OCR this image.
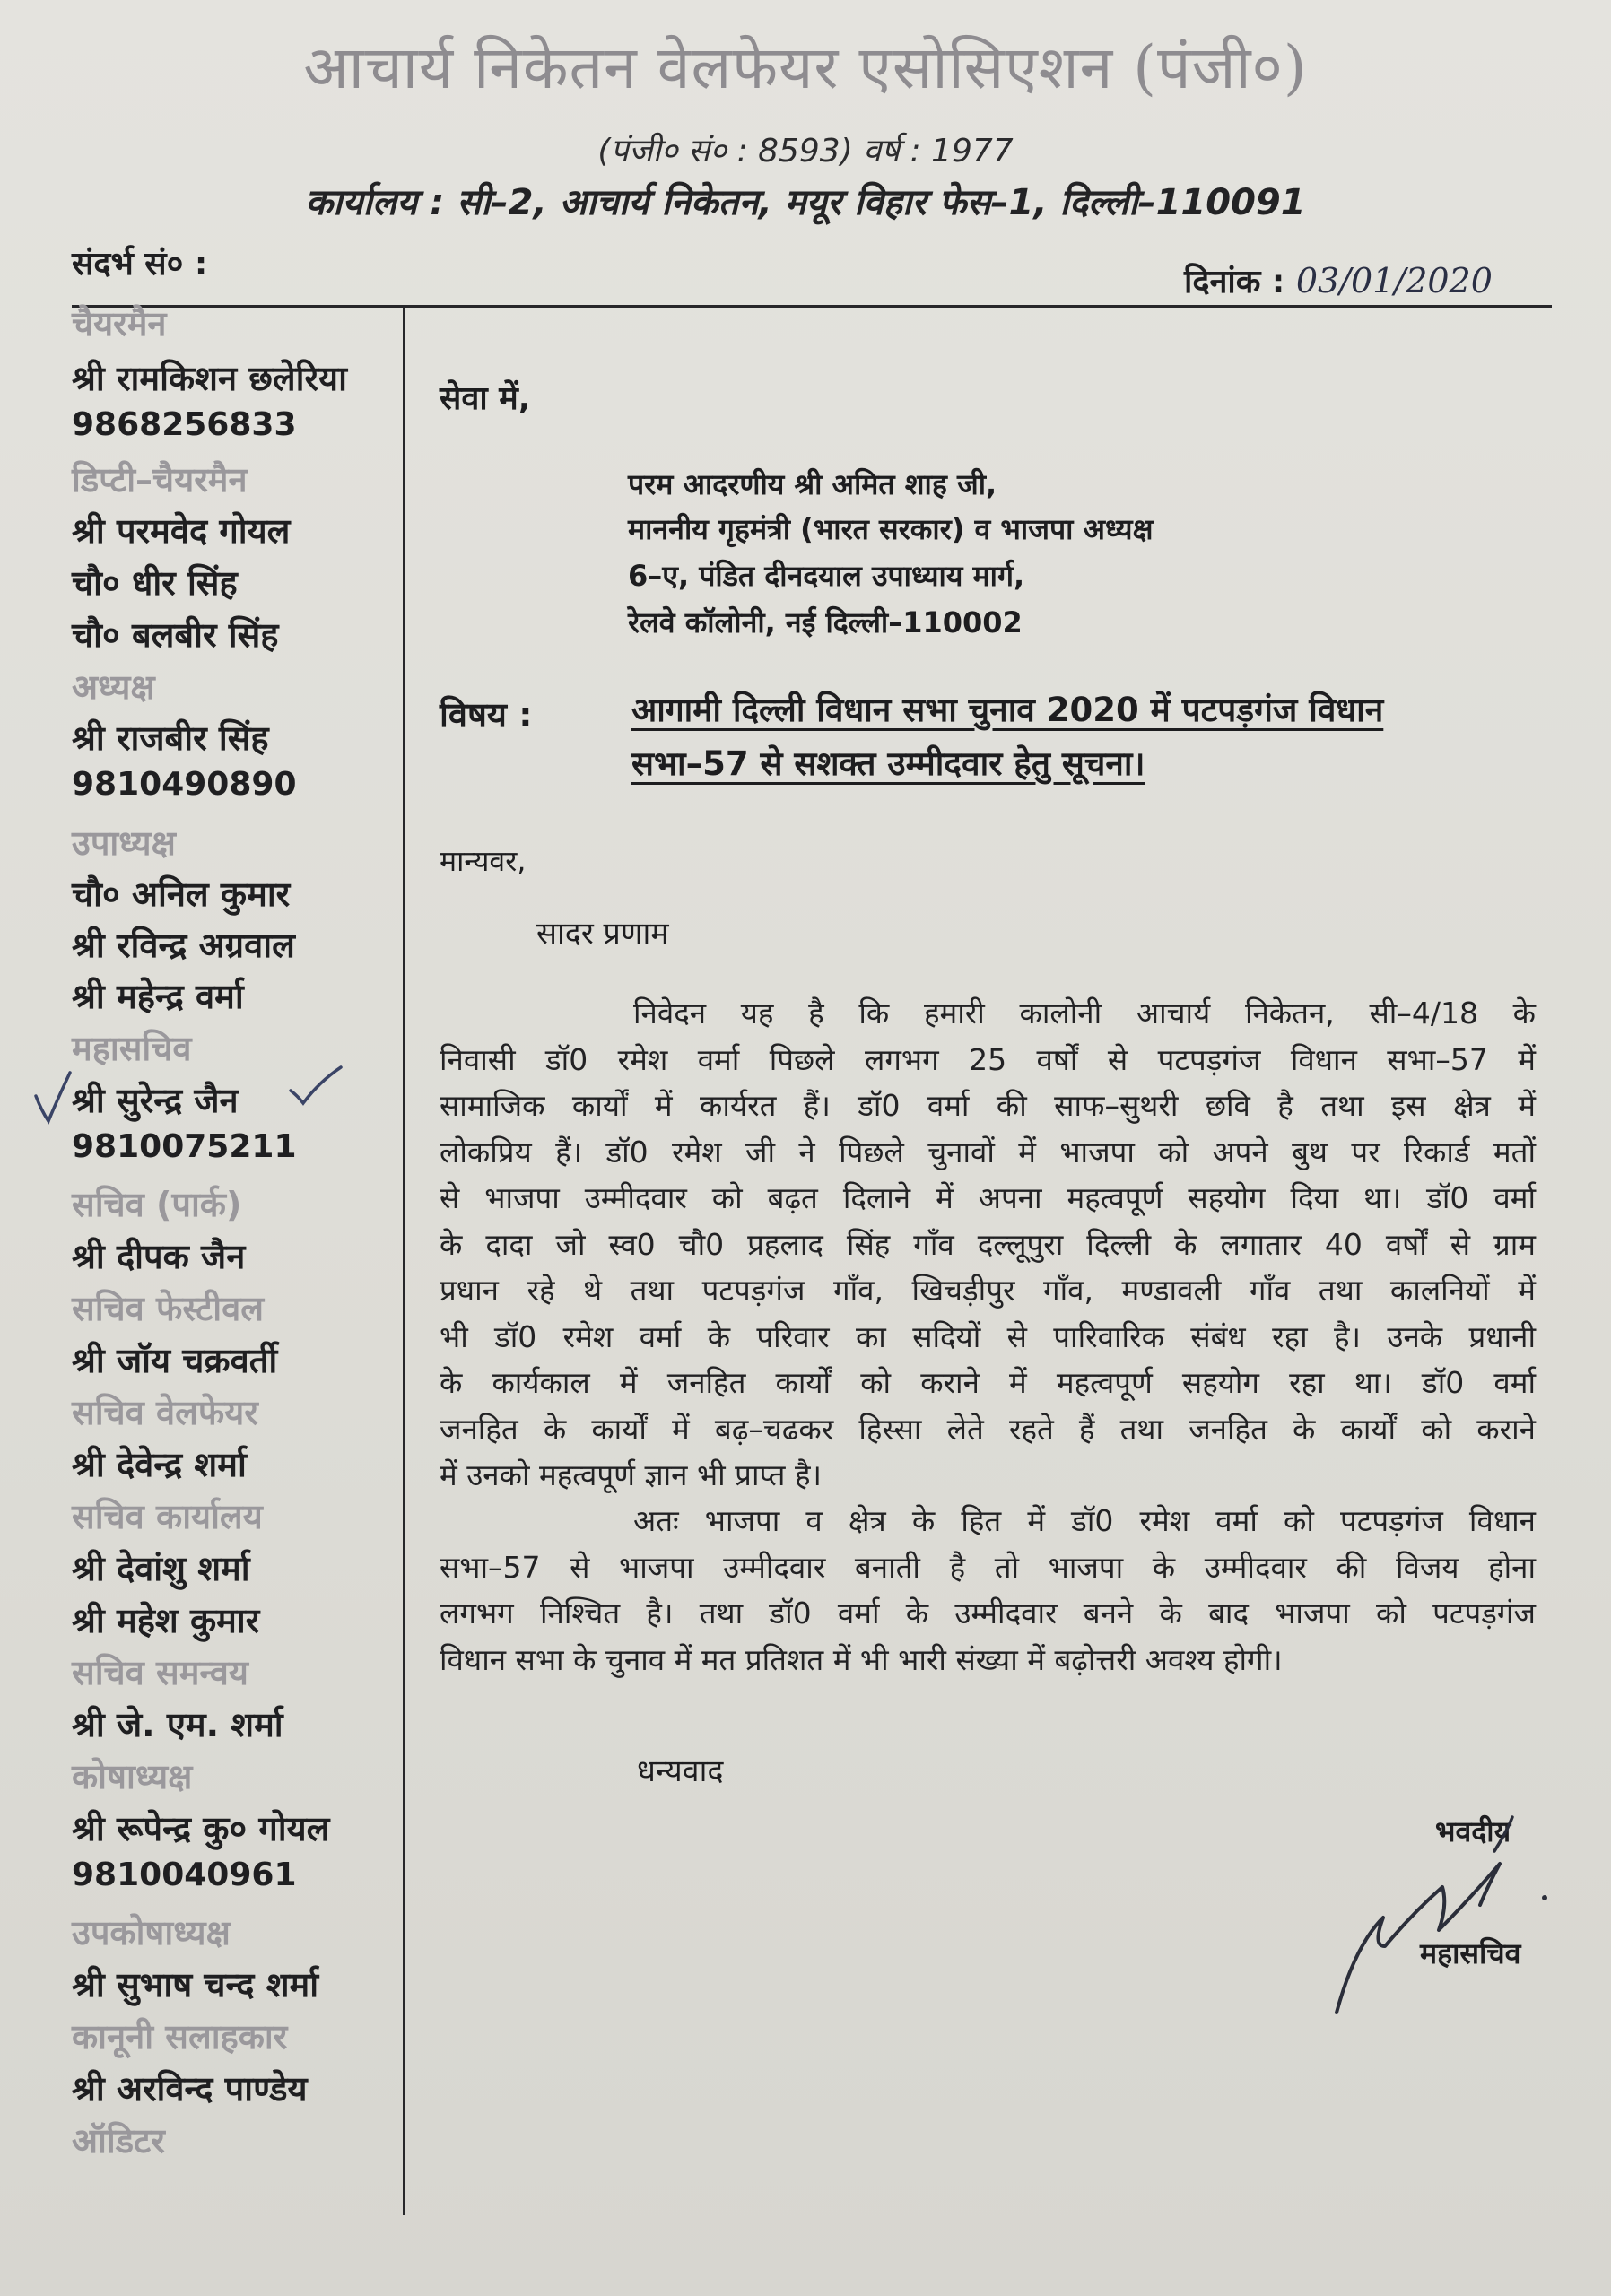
आचार्य निकेतन वेलफेयर एसोसिएशन (पंजी०)
(पंजी० सं० : 8593) वर्ष : 1977
कार्यालय : सी–2, आचार्य निकेतन, मयूर विहार फेस–1, दिल्ली–110091
संदर्भ सं० :	दिनांक : 03/01/2020
चैयरमैन
श्री रामकिशन छलेरिया
9868256833
डिप्टी–चैयरमैन
श्री परमवेद गोयल
चौ० धीर सिंह
चौ० बलबीर सिंह
अध्यक्ष
श्री राजबीर सिंह
9810490890
उपाध्यक्ष
चौ० अनिल कुमार
श्री रविन्द्र अग्रवाल
श्री महेन्द्र वर्मा
महासचिव
श्री सुरेन्द्र जैन
9810075211
सचिव (पार्क)
श्री दीपक जैन
सचिव फेस्टीवल
श्री जॉय चक्रवर्ती
सचिव वेलफेयर
श्री देवेन्द्र शर्मा
सचिव कार्यालय
श्री देवांशु शर्मा
श्री महेश कुमार
सचिव समन्वय
श्री जे. एम. शर्मा
कोषाध्यक्ष
श्री रूपेन्द्र कु० गोयल
9810040961
उपकोषाध्यक्ष
श्री सुभाष चन्द शर्मा
कानूनी सलाहकार
श्री अरविन्द पाण्डेय
ऑडिटर
सेवा में,
परम आदरणीय श्री अमित शाह जी,
माननीय गृहमंत्री (भारत सरकार) व भाजपा अध्यक्ष
6–ए, पंडित दीनदयाल उपाध्याय मार्ग,
रेलवे कॉलोनी, नई दिल्ली–110002
विषय :	आगामी दिल्ली विधान सभा चुनाव 2020 में पटपड़गंज विधान
सभा–57 से सशक्त उम्मीदवार हेतु सूचना।
मान्यवर,
सादर प्रणाम
निवेदन यह है कि हमारी कालोनी आचार्य निकेतन, सी–4/18 के
निवासी डॉ0 रमेश वर्मा पिछले लगभग 25 वर्षों से पटपड़गंज विधान सभा–57 में
सामाजिक कार्यों में कार्यरत हैं। डॉ0 वर्मा की साफ–सुथरी छवि है तथा इस क्षेत्र में
लोकप्रिय हैं। डॉ0 रमेश जी ने पिछले चुनावों में भाजपा को अपने बुथ पर रिकार्ड मतों
से भाजपा उम्मीदवार को बढ़त दिलाने में अपना महत्वपूर्ण सहयोग दिया था। डॉ0 वर्मा
के दादा जो स्व0 चौ0 प्रहलाद सिंह गाँव दल्लूपुरा दिल्ली के लगातार 40 वर्षों से ग्राम
प्रधान रहे थे तथा पटपड़गंज गाँव, खिचड़ीपुर गाँव, मण्डावली गाँव तथा कालनियों में
भी डॉ0 रमेश वर्मा के परिवार का सदियों से पारिवारिक संबंध रहा है। उनके प्रधानी
के कार्यकाल में जनहित कार्यों को कराने में महत्वपूर्ण सहयोग रहा था। डॉ0 वर्मा
जनहित के कार्यों में बढ़–चढकर हिस्सा लेते रहते हैं तथा जनहित के कार्यों को कराने
में उनको महत्वपूर्ण ज्ञान भी प्राप्त है।
अतः भाजपा व क्षेत्र के हित में डॉ0 रमेश वर्मा को पटपड़गंज विधान
सभा–57 से भाजपा उम्मीदवार बनाती है तो भाजपा के उम्मीदवार की विजय होना
लगभग निश्चित है। तथा डॉ0 वर्मा के उम्मीदवार बनने के बाद भाजपा को पटपड़गंज
विधान सभा के चुनाव में मत प्रतिशत में भी भारी संख्या में बढ़ोत्तरी अवश्य होगी।
धन्यवाद
भवदीय
महासचिव
